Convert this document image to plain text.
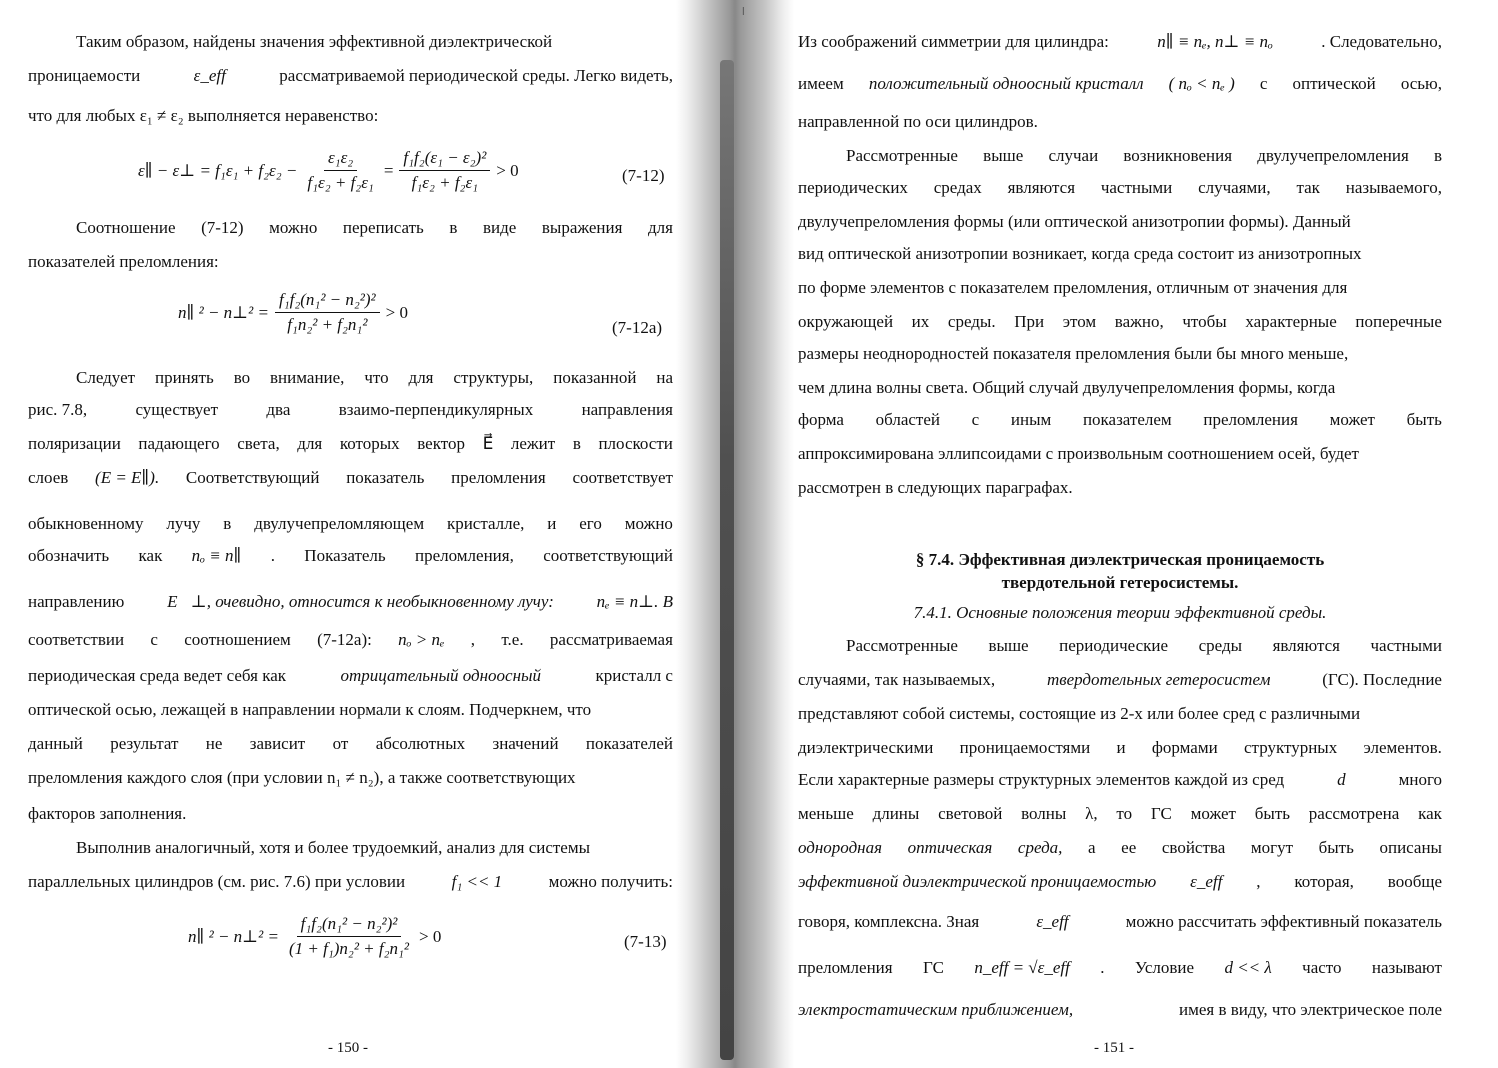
ǀ
Таким образом, найдены значения эффективной диэлектрической
проницаемости	ε_eff	рассматриваемой периодической среды. Легко видеть,
что для любых ε₁ ≠ ε₂ выполняется неравенство:
ε∥ − ε⊥ = $f_1\varepsilon_1 + f_2\varepsilon_2 - \frac{\text{ε₁ε₂}}{\text{f₁ε₂ + f₂ε₁}} = \frac{\text{f₁f₂(ε₁ − ε₂)²}}{\text{f₁ε₂ + f₂ε₁}} > 0$	(7-12)
Соотношение (7-12) можно переписать в виде выражения для
показателей преломления:
n∥ ² − n⊥² = $\frac{\text{f₁f₂(n₁² − n₂²)²}}{\text{f₁n₂² + f₂n₁²}} > 0$
(7-12a)
Следует принять во внимание, что для структуры, показанной на
рис. 7.8,	существует	два	взаимо-перпендикулярных	направления
поляризации падающего света, для которых вектор E⃗ лежит в плоскости
слоев (E = E∥). Соответствующий показатель преломления соответствует
обыкновенному лучу в двулучепреломляющем кристалле, и его можно
обозначить как nₒ ≡ n∥ . Показатель преломления, соответствующий
направлению	E⃗⊥, очевидно, относится к необыкновенному лучу:	nₑ ≡ n⊥. В
соответствии с соотношением (7-12a): nₒ > nₑ , т.е. рассматриваемая
периодическая среда ведет себя как	отрицательный одноосный	кристалл с
оптической осью, лежащей в направлении нормали к слоям. Подчеркнем, что
данный результат не зависит от абсолютных значений показателей
преломления каждого слоя (при условии n₁ ≠ n₂), а также соответствующих
факторов заполнения.
Выполнив аналогичный, хотя и более трудоемкий, анализ для системы
параллельных цилиндров (см. рис. 7.6) при условии	f₁ << 1	можно получить:
n∥ ² − n⊥² = $\frac{\text{f₁f₂(n₁² − n₂²)²}}{\text{(1 + f₁)n₂² + f₂n₁²}} > 0$	(7-13)
- 150 -
Из соображений симметрии для цилиндра:	n∥ ≡ nₑ, n⊥ ≡ nₒ	. Следовательно,
имеем положительный одноосный кристалл ( nₒ < nₑ ) с оптической осью,
направленной по оси цилиндров.
Рассмотренные выше случаи возникновения двулучепреломления в
периодических средах являются частными случаями, так называемого,
двулучепреломления формы (или оптической анизотропии формы). Данный
вид оптической анизотропии возникает, когда среда состоит из анизотропных
по форме элементов с показателем преломления, отличным от значения для
окружающей их среды. При этом важно, чтобы характерные поперечные
размеры неоднородностей показателя преломления были бы много меньше,
чем длина волны света. Общий случай двулучепреломления формы, когда
форма областей с иным показателем преломления может быть
аппроксимирована эллипсоидами с произвольным соотношением осей, будет
рассмотрен в следующих параграфах.
§ 7.4. Эффективная диэлектрическая проницаемость
твердотельной гетеросистемы.
7.4.1. Основные положения теории эффективной среды.
Рассмотренные выше периодические среды являются частными
случаями, так называемых,	твердотельных гетеросистем	(ГС). Последние
представляют собой системы, состоящие из 2-х или более сред с различными
диэлектрическими проницаемостями и формами структурных элементов.
Если характерные размеры структурных элементов каждой из сред	d	много
меньше длины световой волны λ, то ГС может быть рассмотрена как
однородная оптическая среда, а ее свойства могут быть описаны
эффективной диэлектрической проницаемостью ε_eff , которая, вообще
говоря, комплексна. Зная	ε_eff	можно рассчитать эффективный показатель
преломления ГС n_eff = √ε_eff . Условие d << λ часто называют
электростатическим приближением,	имея в виду, что электрическое поле
- 151 -
